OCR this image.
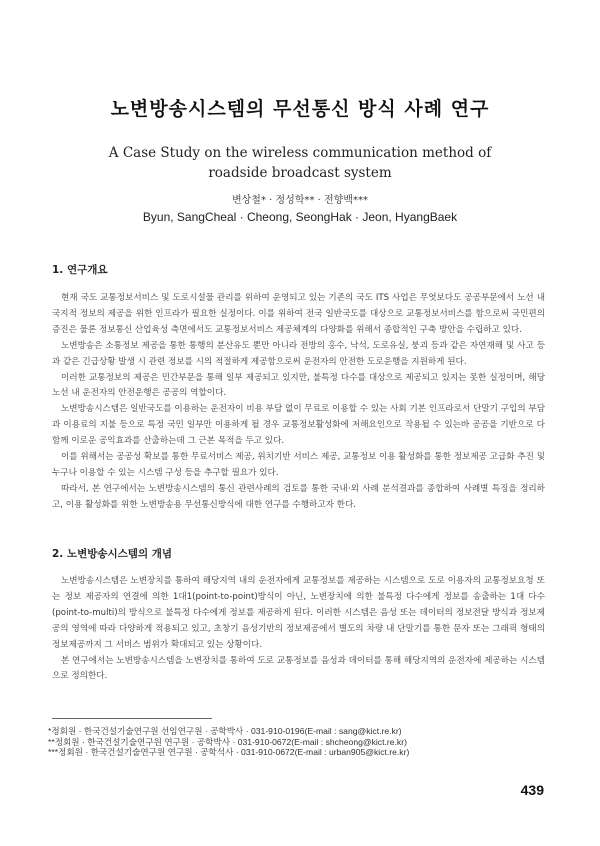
노변방송시스템의 무선통신 방식 사례 연구
A Case Study on the wireless communication method of roadside broadcast system
변상철* · 정성학** · 전향백***
Byun, SangCheal · Cheong, SeongHak · Jeon, HyangBaek
1. 연구개요

현재 국도 교통정보서비스 및 도로시설물 관리를 위하여 운영되고 있는 기존의 국도 ITS 사업은 무엇보다도 공공부문에서 노선 내 국지적 정보의 제공을 위한 인프라가 필요한 실정이다. 이를 위하여 전국 일반국도를 대상으로 교통정보서비스를 함으로써 국민편의 증진은 물론 정보통신 산업육성 측면에서도 교통정보서비스 제공체계의 다양화를 위해서 종합적인 구축 방안을 수립하고 있다.

노변방송은 소통정보 제공을 통한 통행의 분산유도 뿐만 아니라 전방의 홍수, 낙석, 도로유실, 붕괴 등과 같은 자연재해 및 사고 등과 같은 긴급상황 발생 시 관련 정보를 시의 적절하게 제공함으로써 운전자의 안전한 도로운행을 지원하게 된다.

이러한 교통정보의 제공은 민간부문을 통해 일부 제공되고 있지만, 불특정 다수를 대상으로 제공되고 있지는 못한 실정이며, 해당노선 내 운전자의 안전운행은 공공의 역할이다.

노변방송시스템은 일반국도를 이용하는 운전자이 비용 부담 없이 무료로 이용할 수 있는 사회 기본 인프라로서 단말기 구입의 부담과 이용료의 지불 등으로 특정 국민 일부만 이용하게 될 경우 교통정보활성화에 저해요인으로 작용될 수 있는바 공공을 기반으로 다함께 이로운 공익효과를 산출하는데 그 근본 목적을 두고 있다.

이를 위해서는 공공성 확보를 통한 무료서비스 제공, 위치기반 서비스 제공, 교통정보 이용 활성화를 통한 정보제공 고급화 추진 및 누구나 이용할 수 있는 시스템 구성 등을 추구할 필요가 있다.

따라서, 본 연구에서는 노변방송시스템의 통신 관련사례의 검토를 통한 국내·외 사례 분석결과를 종합하여 사례별 특징을 정리하고, 이용 활성화를 위한 노변방송용 무선통신방식에 대한 연구를 수행하고자 한다.

2. 노변방송시스템의 개념

노변방송시스템은 노변장치를 통하여 해당지역 내의 운전자에게 교통정보를 제공하는 시스템으로 도로 이용자의 교통정보요청 또는 정보 제공자의 연결에 의한 1대1(point-to-point)방식이 아닌, 노변장치에 의한 불특정 다수에게 정보를 송출하는 1대 다수(point-to-multi)의 방식으로 불특정 다수에게 정보를 제공하게 된다. 이러한 시스템은 음성 또는 데이터의 정보전달 방식과 정보제공의 영역에 따라 다양하게 적용되고 있고, 초창기 음성기반의 정보제공에서 별도의 차량 내 단말기를 통한 문자 또는 그래픽 형태의 정보제공까지 그 서비스 범위가 확대되고 있는 상황이다.

본 연구에서는 노변방송시스템을 노변장치를 통하여 도로 교통정보를 음성과 데이터를 통해 해당지역의 운전자에 제공하는 시스템으로 정의한다.

*정회원 · 한국건설기술연구원 선임연구원 · 공학박사 · 031-910-0196(E-mail : sang@kict.re.kr)
**정회원 · 한국건설기술연구원 연구원 · 공학박사 · 031-910-0672(E-mail : shcheong@kict.re.kr)
***정회원 · 한국건설기술연구원 연구원 · 공학석사 · 031-910-0672(E-mail : urban905@kict.re.kr)
439
